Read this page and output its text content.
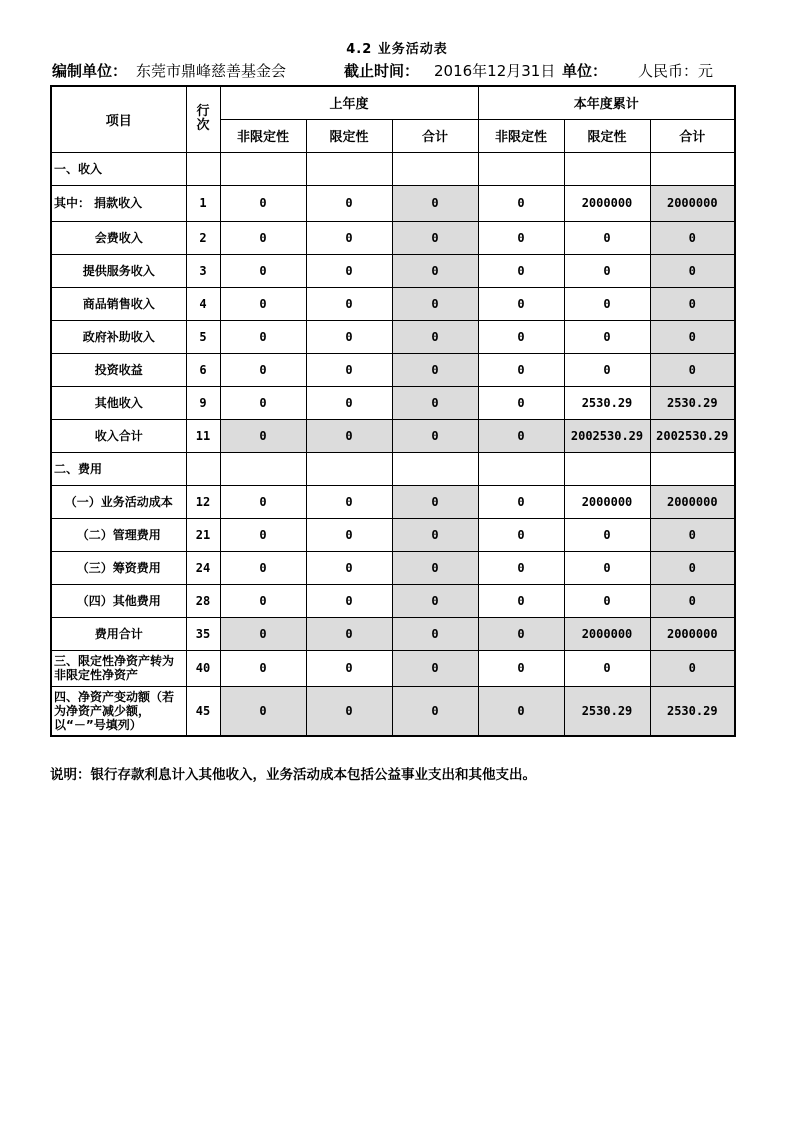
4.2 业务活动表
编制单位： 东莞市鼎峰慈善基金会	截止时间： 2016年12月31日 单位： 人民币：元
项目	行次	上年度			本年度累计		
		非限定性	限定性	合计	非限定性	限定性	合计
一、收入							
其中： 捐款收入	1	0	0	0	0	2000000	2000000
会费收入	2	0	0	0	0	0	0
提供服务收入	3	0	0	0	0	0	0
商品销售收入	4	0	0	0	0	0	0
政府补助收入	5	0	0	0	0	0	0
投资收益	6	0	0	0	0	0	0
其他收入	9	0	0	0	0	2530.29	2530.29
收入合计	11	0	0	0	0	2002530.29	2002530.29
二、费用							
（一）业务活动成本	12	0	0	0	0	2000000	2000000
（二）管理费用	21	0	0	0	0	0	0
（三）筹资费用	24	0	0	0	0	0	0
（四）其他费用	28	0	0	0	0	0	0
费用合计	35	0	0	0	0	2000000	2000000
三、限定性净资产转为非限定性净资产	40	0	0	0	0	0	0
四、净资产变动额（若为净资产减少额，以“－”号填列）	45	0	0	0	0	2530.29	2530.29
说明：银行存款利息计入其他收入，业务活动成本包括公益事业支出和其他支出。
